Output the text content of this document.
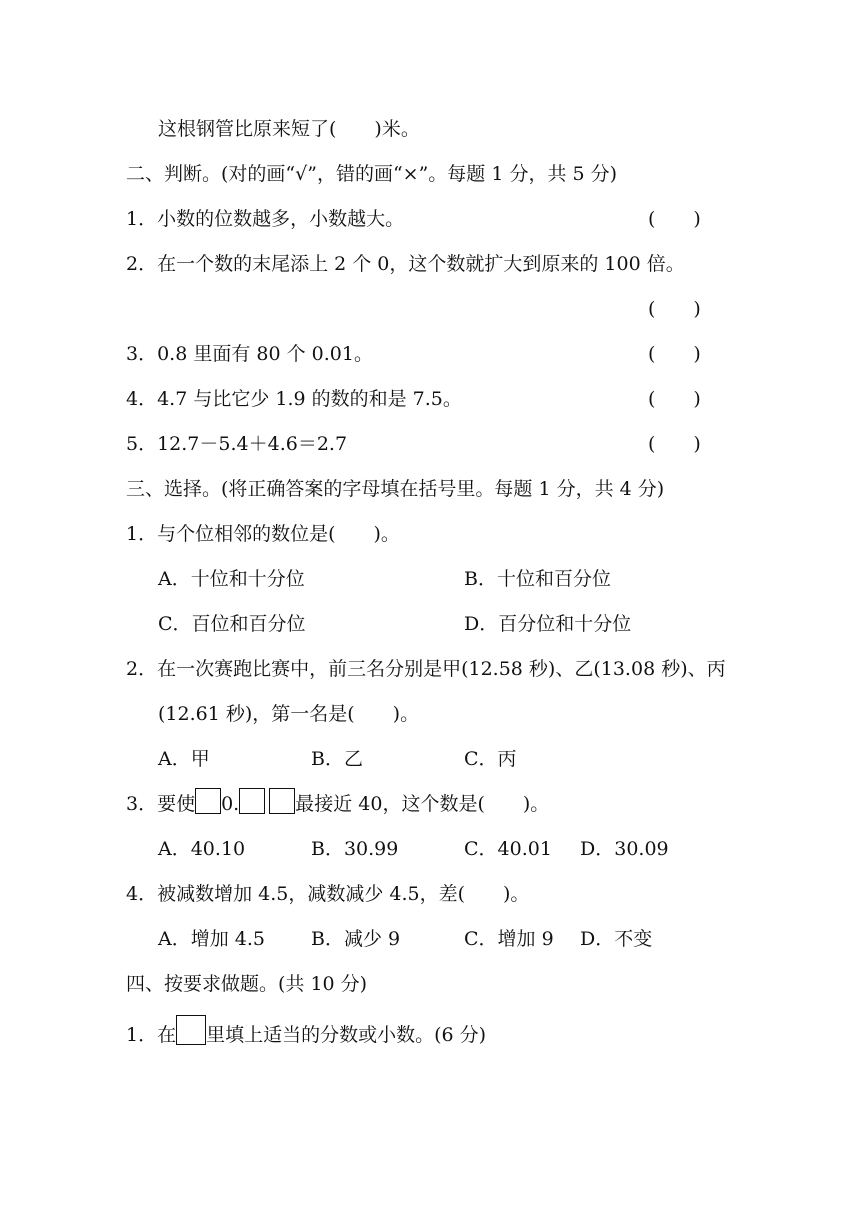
这根钢管比原来短了(　　)米。
二、判断。(对的画“√”，错的画“×”。每题 1 分，共 5 分)
1．小数的位数越多，小数越大。	(　　)
2．在一个数的末尾添上 2 个 0，这个数就扩大到原来的 100 倍。
(　　)
3．0.8 里面有 80 个 0.01。	(　　)
4．4.7 与比它少 1.9 的数的和是 7.5。	(　　)
5．12.7－5.4＋4.6＝2.7	(　　)
三、选择。(将正确答案的字母填在括号里。每题 1 分，共 4 分)
1．与个位相邻的数位是(　　)。
A．十位和十分位	B．十位和百分位
C．百位和百分位	D．百分位和十分位
2．在一次赛跑比赛中，前三名分别是甲(12.58 秒)、乙(13.08 秒)、丙
(12.61 秒)，第一名是(　　)。
A．甲	B．乙	C．丙
3．要使 0.	最接近 40，这个数是(　　)。
A．40.10	B．30.99	C．40.01 D．30.09
4．被减数增加 4.5，减数减少 4.5，差(　　)。
A．增加 4.5 B．减少 9	C．增加 9 D．不变
四、按要求做题。(共 10 分)
1．在 里填上适当的分数或小数。(6 分)
